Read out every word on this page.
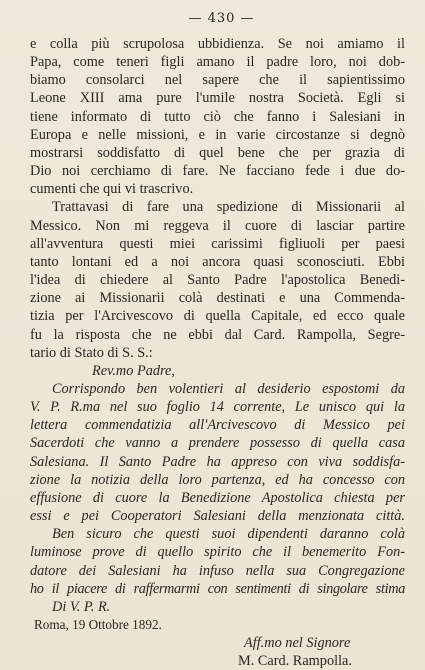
— 430 —

e colla più scrupolosa ubbidienza. Se noi amiamo il
Papa, come teneri figli amano il padre loro, noi dob-
biamo consolarci nel sapere che il sapientissimo
Leone XIII ama pure l'umile nostra Società. Egli si
tiene informato di tutto ciò che fanno i Salesiani in
Europa e nelle missioni, e in varie circostanze si degnò
mostrarsi soddisfatto di quel bene che per grazia di
Dio noi cerchiamo di fare. Ne facciano fede i due do-
cumenti che qui vi trascrivo.

Trattavasi di fare una spedizione di Missionarii al
Messico. Non mi reggeva il cuore di lasciar partire
all'avventura questi miei carissimi figliuoli per paesi
tanto lontani ed a noi ancora quasi sconosciuti. Ebbi
l'idea di chiedere al Santo Padre l'apostolica Benedi-
zione ai Missionarii colà destinati e una Commenda-
tizia per l'Arcivescovo di quella Capitale, ed ecco quale
fu la risposta che ne ebbi dal Card. Rampolla, Segre-
tario di Stato di S. S.:

Rev.mo Padre,

Corrispondo ben volentieri al desiderio espostomi da
V. P. R.ma nel suo foglio 14 corrente, Le unisco qui la
lettera commendatizia all'Arcivescovo di Messico pei
Sacerdoti che vanno a prendere possesso di quella casa
Salesiana. Il Santo Padre ha appreso con viva soddisfa-
zione la notizia della loro partenza, ed ha concesso con
effusione di cuore la Benedizione Apostolica chiesta per
essi e pei Cooperatori Salesiani della menzionata città.

Ben sicuro che questi suoi dipendenti daranno colà
luminose prove di quello spirito che il benemerito Fon-
datore dei Salesiani ha infuso nella sua Congregazione
ho il piacere di raffermarmi con sentimenti di singolare stima

Di V. P. R.

Roma, 19 Ottobre 1892.

Aff.mo nel Signore

M. Card. Rampolla.
